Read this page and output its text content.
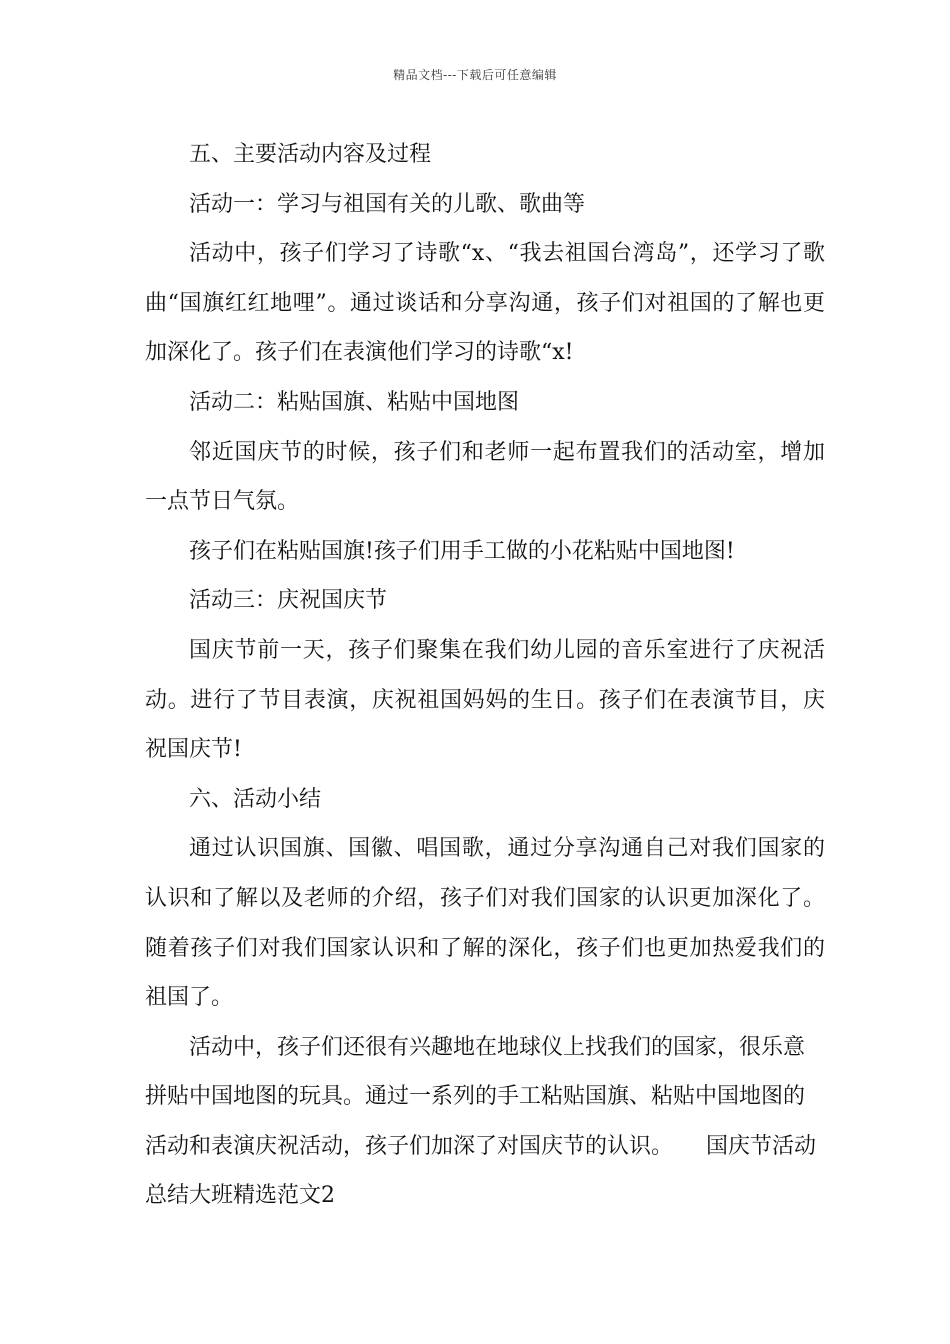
精品文档---下载后可任意编辑

五、主要活动内容及过程

活动一：学习与祖国有关的儿歌、歌曲等

活动中，孩子们学习了诗歌“x、“我去祖国台湾岛”，还学习了歌曲“国旗红红地哩”。通过谈话和分享沟通，孩子们对祖国的了解也更加深化了。孩子们在表演他们学习的诗歌“x!

活动二：粘贴国旗、粘贴中国地图

邻近国庆节的时候，孩子们和老师一起布置我们的活动室，增加一点节日气氛。

孩子们在粘贴国旗!孩子们用手工做的小花粘贴中国地图!

活动三：庆祝国庆节

国庆节前一天，孩子们聚集在我们幼儿园的音乐室进行了庆祝活动。进行了节目表演，庆祝祖国妈妈的生日。孩子们在表演节目，庆祝国庆节!

六、活动小结

通过认识国旗、国徽、唱国歌，通过分享沟通自己对我们国家的认识和了解以及老师的介绍，孩子们对我们国家的认识更加深化了。随着孩子们对我们国家认识和了解的深化，孩子们也更加热爱我们的祖国了。

活动中，孩子们还很有兴趣地在地球仪上找我们的国家，很乐意拼贴中国地图的玩具。通过一系列的手工粘贴国旗、粘贴中国地图的活动和表演庆祝活动，孩子们加深了对国庆节的认识。　　国庆节活动总结大班精选范文2
